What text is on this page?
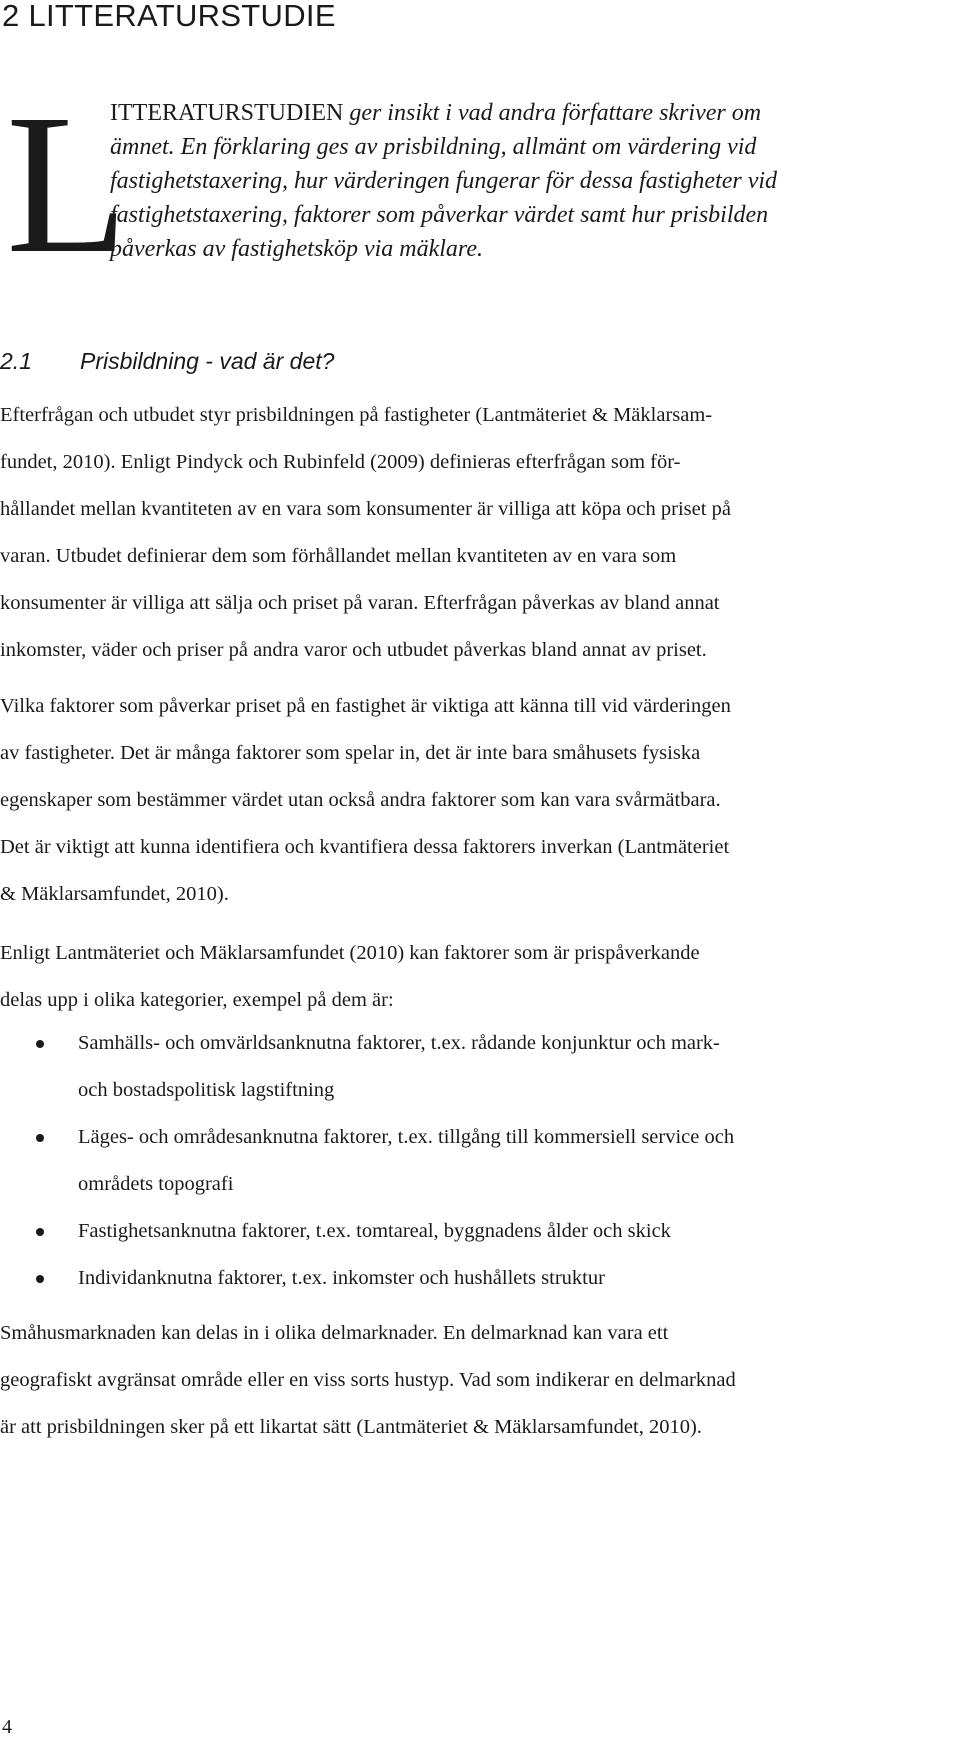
2 LITTERATURSTUDIE
L

ITTERATURSTUDIEN ger insikt i vad andra författare skriver om
ämnet. En förklaring ges av prisbildning, allmänt om värdering vid
fastighetstaxering, hur värderingen fungerar för dessa fastigheter vid
fastighetstaxering, faktorer som påverkar värdet samt hur prisbilden
påverkas av fastighetsköp via mäklare.

2.1 Prisbildning - vad är det?

Efterfrågan och utbudet styr prisbildningen på fastigheter (Lantmäteriet & Mäklarsam-
fundet, 2010). Enligt Pindyck och Rubinfeld (2009) definieras efterfrågan som för-
hållandet mellan kvantiteten av en vara som konsumenter är villiga att köpa och priset på
varan. Utbudet definierar dem som förhållandet mellan kvantiteten av en vara som
konsumenter är villiga att sälja och priset på varan. Efterfrågan påverkas av bland annat
inkomster, väder och priser på andra varor och utbudet påverkas bland annat av priset.

Vilka faktorer som påverkar priset på en fastighet är viktiga att känna till vid värderingen
av fastigheter. Det är många faktorer som spelar in, det är inte bara småhusets fysiska
egenskaper som bestämmer värdet utan också andra faktorer som kan vara svårmätbara.
Det är viktigt att kunna identifiera och kvantifiera dessa faktorers inverkan (Lantmäteriet
& Mäklarsamfundet, 2010).

Enligt Lantmäteriet och Mäklarsamfundet (2010) kan faktorer som är prispåverkande
delas upp i olika kategorier, exempel på dem är:

Samhälls- och omvärldsanknutna faktorer, t.ex. rådande konjunktur och mark-
och bostadspolitisk lagstiftning
Läges- och områdesanknutna faktorer, t.ex. tillgång till kommersiell service och
områdets topografi
Fastighetsanknutna faktorer, t.ex. tomtareal, byggnadens ålder och skick
Individanknutna faktorer, t.ex. inkomster och hushållets struktur

Småhusmarknaden kan delas in i olika delmarknader. En delmarknad kan vara ett
geografiskt avgränsat område eller en viss sorts hustyp. Vad som indikerar en delmarknad
är att prisbildningen sker på ett likartat sätt (Lantmäteriet & Mäklarsamfundet, 2010).

4
